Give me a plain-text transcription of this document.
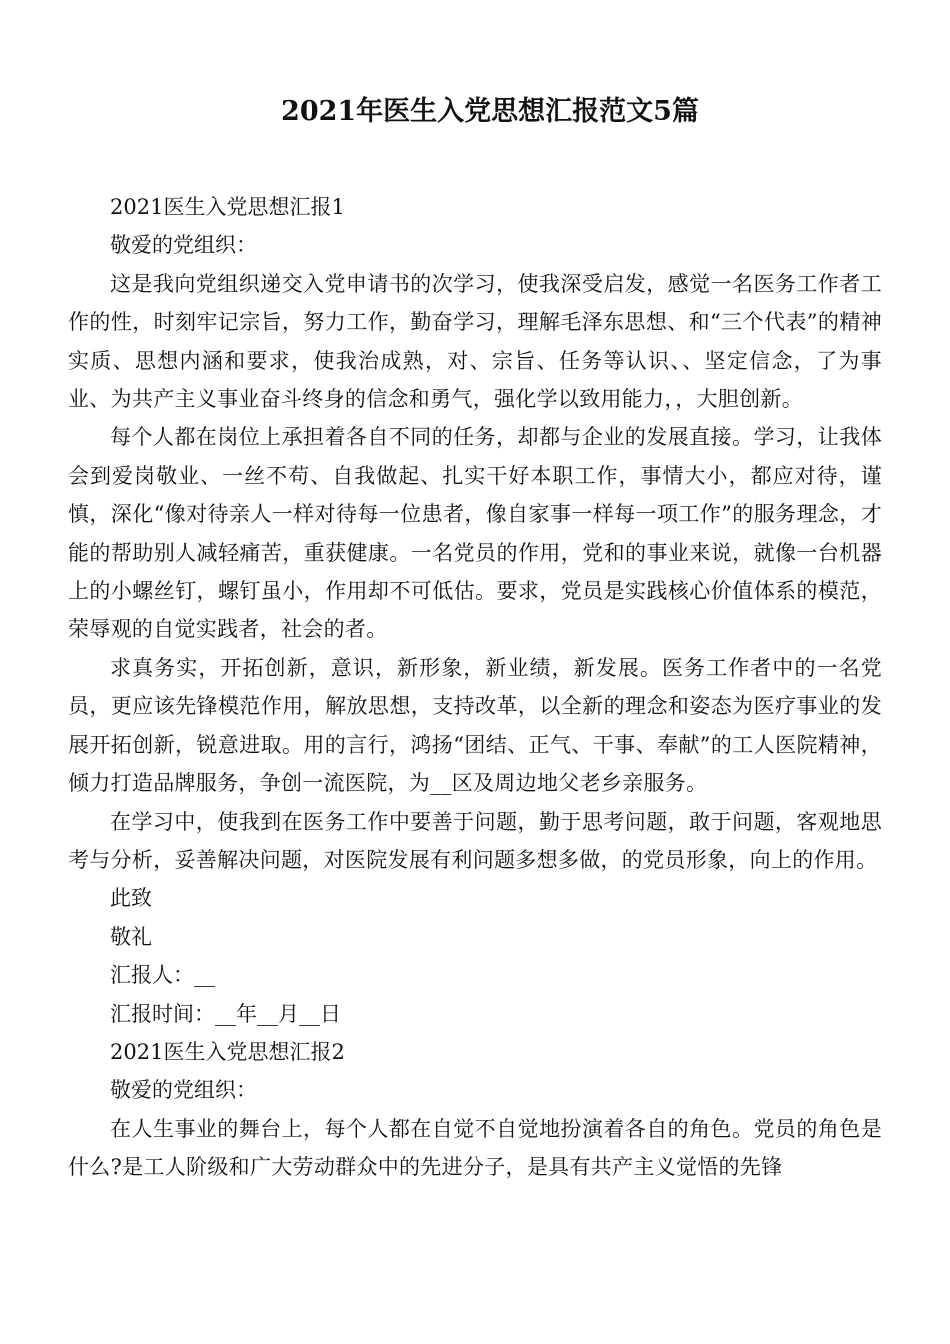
2021年医生入党思想汇报范文5篇

2021医生入党思想汇报1

敬爱的党组织：

这是我向党组织递交入党申请书的次学习，使我深受启发，感觉一名医务工作者工作的性，时刻牢记宗旨，努力工作，勤奋学习，理解毛泽东思想、和“三个代表”的精神实质、思想内涵和要求，使我治成熟，对、宗旨、任务等认识、、坚定信念，了为事业、为共产主义事业奋斗终身的信念和勇气，强化学以致用能力，，大胆创新。

每个人都在岗位上承担着各自不同的任务，却都与企业的发展直接。学习，让我体会到爱岗敬业、一丝不苟、自我做起、扎实干好本职工作，事情大小，都应对待，谨慎，深化“像对待亲人一样对待每一位患者，像自家事一样每一项工作”的服务理念，才能的帮助别人减轻痛苦，重获健康。一名党员的作用，党和的事业来说，就像一台机器上的小螺丝钉，螺钉虽小，作用却不可低估。要求，党员是实践核心价值体系的模范，荣辱观的自觉实践者，社会的者。

求真务实，开拓创新，意识，新形象，新业绩，新发展。医务工作者中的一名党员，更应该先锋模范作用，解放思想，支持改革，以全新的理念和姿态为医疗事业的发展开拓创新，锐意进取。用的言行，鸿扬“团结、正气、干事、奉献”的工人医院精神，倾力打造品牌服务，争创一流医院，为__区及周边地父老乡亲服务。

在学习中，使我到在医务工作中要善于问题，勤于思考问题，敢于问题，客观地思考与分析，妥善解决问题，对医院发展有利问题多想多做，的党员形象，向上的作用。

此致

敬礼

汇报人：__

汇报时间：__年__月__日

2021医生入党思想汇报2

敬爱的党组织：

在人生事业的舞台上，每个人都在自觉不自觉地扮演着各自的角色。党员的角色是什么?是工人阶级和广大劳动群众中的先进分子，是具有共产主义觉悟的先锋
